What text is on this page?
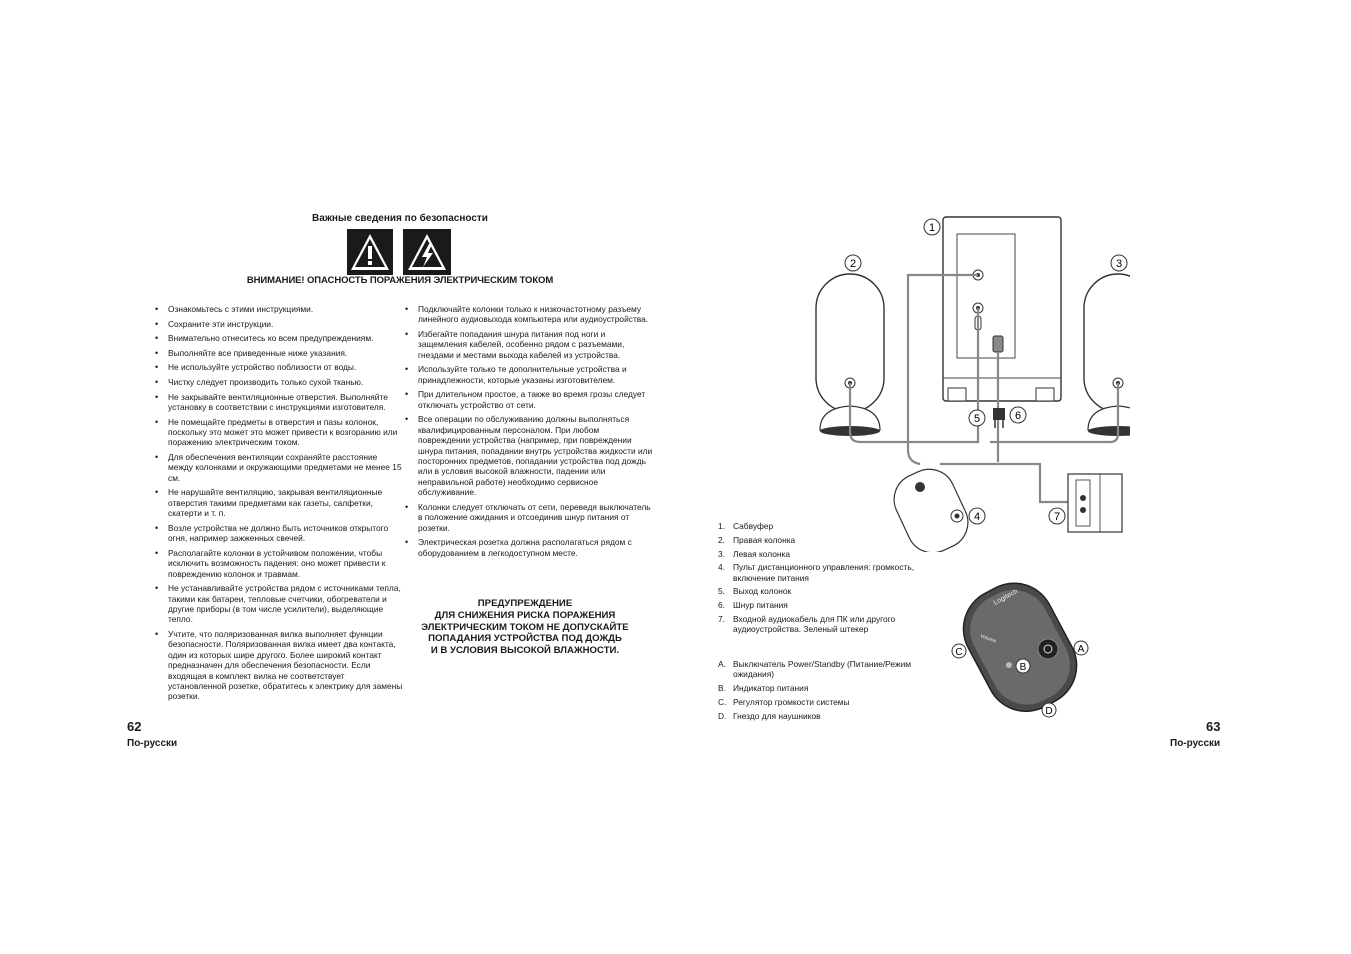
Важные сведения по безопасности
ВНИМАНИЕ! ОПАСНОСТЬ ПОРАЖЕНИЯ ЭЛЕКТРИЧЕСКИМ ТОКОМ
• Ознакомьтесь с этими инструкциями.
• Сохраните эти инструкции.
• Внимательно отнеситесь ко всем предупреждениям.
• Выполняйте все приведенные ниже указания.
• Не используйте устройство поблизости от воды.
• Чистку следует производить только сухой тканью.
• Не закрывайте вентиляционные отверстия. Выполняйте установку в соответствии с инструкциями изготовителя.
• Не помещайте предметы в отверстия и пазы колонок, поскольку это может это может привести к возгоранию или поражению электрическим током.
• Для обеспечения вентиляции сохраняйте расстояние между колонками и окружающими предметами не менее 15 см.
• Не нарушайте вентиляцию, закрывая вентиляционные отверстия такими предметами как газеты, салфетки, скатерти и т. п.
• Возле устройства не должно быть источников открытого огня, например зажженных свечей.
• Располагайте колонки в устойчивом положении, чтобы исключить возможность падения: оно может привести к повреждению колонок и травмам.
• Не устанавливайте устройства рядом с источниками тепла, такими как батареи, тепловые счетчики, обогреватели и другие приборы (в том числе усилители), выделяющие тепло.
• Учтите, что поляризованная вилка выполняет функции безопасности. Поляризованная вилка имеет два контакта, один из которых шире другого. Более широкий контакт предназначен для обеспечения безопасности. Если входящая в комплект вилка не соответствует установленной розетке, обратитесь к электрику для замены розетки.
• Подключайте колонки только к низкочастотному разъему линейного аудиовыхода компьютера или аудиоустройства.
• Избегайте попадания шнура питания под ноги и защемления кабелей, особенно рядом с разъемами, гнездами и местами выхода кабелей из устройства.
• Используйте только те дополнительные устройства и принадлежности, которые указаны изготовителем.
• При длительном простое, а также во время грозы следует отключать устройство от сети.
• Все операции по обслуживанию должны выполняться квалифицированным персоналом. При любом повреждении устройства (например, при повреждении шнура питания, попадании внутрь устройства жидкости или посторонних предметов, попадании устройства под дождь или в условия высокой влажности, падении или неправильной работе) необходимо сервисное обслуживание.
• Колонки следует отключать от сети, переведя выключатель в положение ожидания и отсоединив шнур питания от розетки.
• Электрическая розетка должна располагаться рядом с оборудованием в легкодоступном месте.
ПРЕДУПРЕЖДЕНИЕ
ДЛЯ СНИЖЕНИЯ РИСКА ПОРАЖЕНИЯ
ЭЛЕКТРИЧЕСКИМ ТОКОМ НЕ ДОПУСКАЙТЕ
ПОПАДАНИЯ УСТРОЙСТВА ПОД ДОЖДЬ
И В УСЛОВИЯ ВЫСОКОЙ ВЛАЖНОСТИ.
62
По-русски
1
2	3
4
5	6
7
1. Сабвуфер
2. Правая колонка
3. Левая колонка
4. Пульт дистанционного управления: громкость, включение питания
5. Выход колонок
6. Шнур питания
7. Входной аудиокабель для ПК или другого аудиоустройства. Зеленый штекер
A. Выключатель Power/Standby (Питание/Режим ожидания)
B. Индикатор питания
C. Регулятор громкости системы
D. Гнездо для наушников
Logitech
Volume
A
B
C
D
63
По-русски
